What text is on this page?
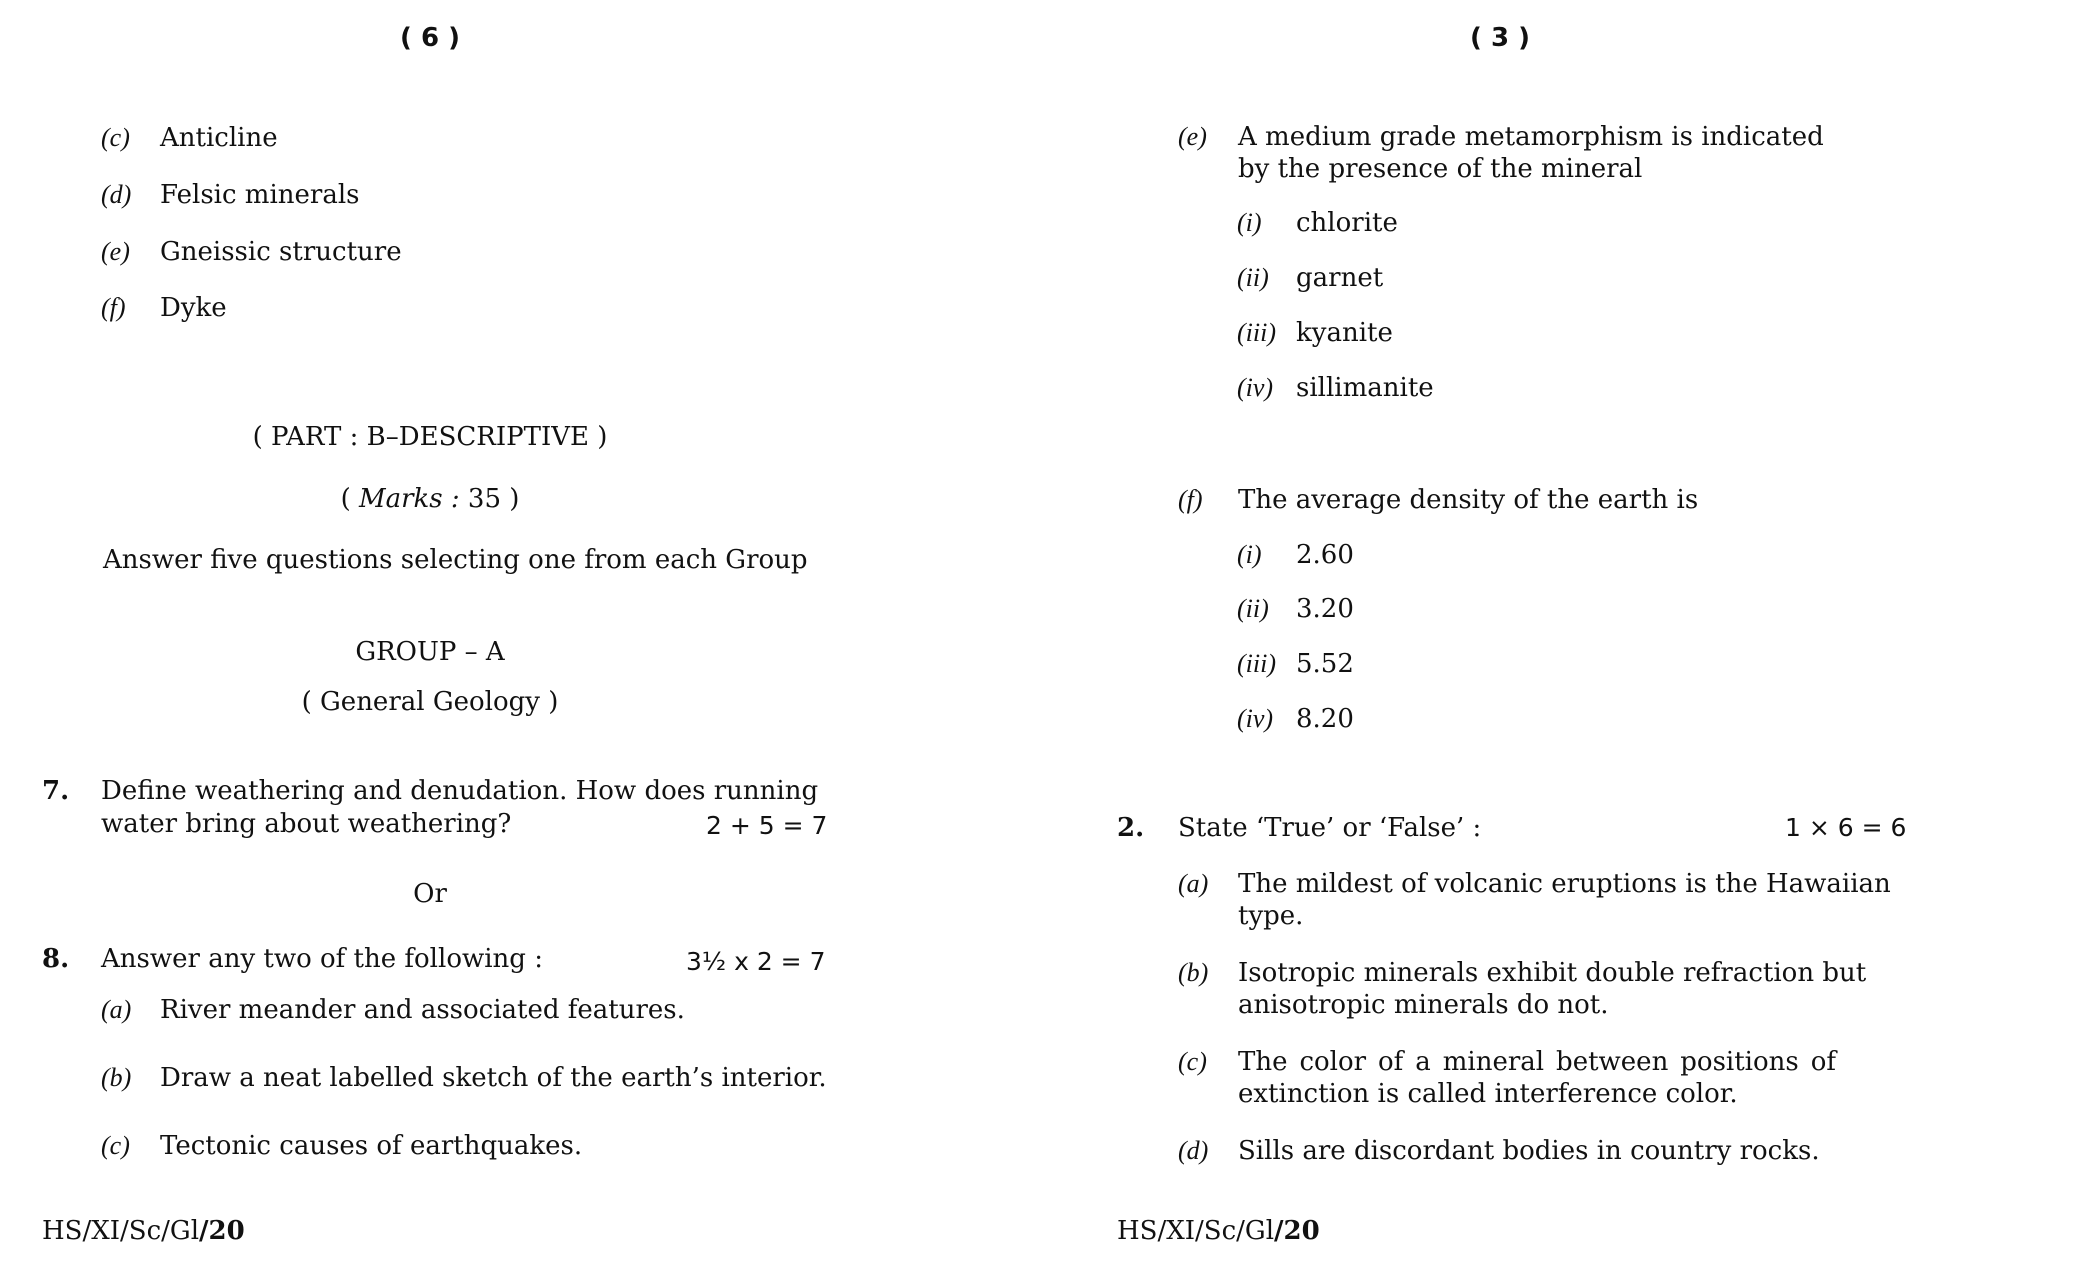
( 6 )
(c) Anticline
(d) Felsic minerals
(e) Gneissic structure
(f) Dyke
( PART : B–DESCRIPTIVE )
( Marks : 35 )
Answer five questions selecting one from each Group
GROUP – A
( General Geology )
7. Define weathering and denudation. How does running
water bring about weathering?	2 + 5 = 7
Or
8. Answer any two of the following :	3½ x 2 = 7
(a) River meander and associated features.
(b) Draw a neat labelled sketch of the earth’s interior.
(c) Tectonic causes of earthquakes.
HS/XI/Sc/Gl/20
( 3 )
(e) A medium grade metamorphism is indicated
by the presence of the mineral
(i) chlorite
(ii) garnet
(iii) kyanite
(iv) sillimanite
(f) The average density of the earth is
(i) 2.60
(ii) 3.20
(iii) 5.52
(iv) 8.20
2. State ‘True’ or ‘False’ :	1 × 6 = 6
(a) The mildest of volcanic eruptions is the Hawaiian
type.
(b) Isotropic minerals exhibit double refraction but
anisotropic minerals do not.
(c) The color of a mineral between positions of
extinction is called interference color.
(d) Sills are discordant bodies in country rocks.
HS/XI/Sc/Gl/20
